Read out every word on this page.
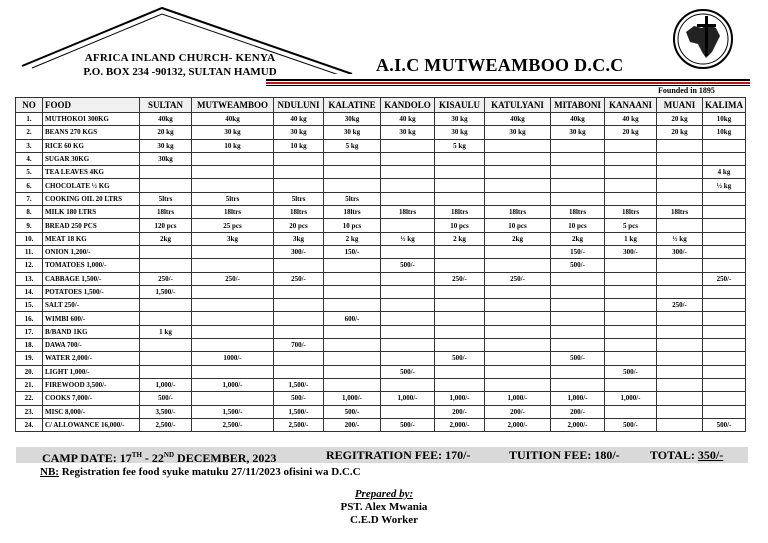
AFRICA INLAND CHURCH- KENYA
P.O. BOX 234 -90132, SULTAN HAMUD	A.I.C MUTWEAMBOO D.C.C
Founded in 1895
NO	FOOD	SULTAN	MUTWEAMBOO	NDULUNI	KALATINE	KANDOLO	KISAULU	KATULYANI	MITABONI	KANAANI	MUANI	KALIMA
1.	MUTHOKOI 300KG	40kg	40kg	40 kg	30kg	40 kg	30 kg	40kg	40kg	40 kg	20 kg	10kg
2.	BEANS 270 KGS	20 kg	30 kg	30 kg	30 kg	30 kg	30 kg	30 kg	30 kg	20 kg	20 kg	10kg
3.	RICE 60 KG	30 kg	10 kg	10 kg	5 kg		5 kg					
4.	SUGAR 30KG	30kg										
5.	TEA LEAVES 4KG											4 kg
6.	CHOCOLATE ½ KG											½ kg
7.	COOKING OIL 20 LTRS	5ltrs	5ltrs	5ltrs	5ltrs							
8.	MILK 180 LTRS	18ltrs	18ltrs	18ltrs	18ltrs	18ltrs	18ltrs	18ltrs	18ltrs	18ltrs	18ltrs	
9.	BREAD 250 PCS	120 pcs	25 pcs	20 pcs	10 pcs		10 pcs	10 pcs	10 pcs	5 pcs		
10.	MEAT 18 KG	2kg	3kg	3kg	2 kg	½ kg	2 kg	2kg	2kg	1 kg	½ kg	
11.	ONION 1,200/-			300/-	150/-				150/-	300/-	300/-	
12.	TOMATOES 1,000/-					500/-			500/-			
13.	CABBAGE 1,500/-	250/-	250/-	250/-			250/-	250/-				250/-
14.	POTATOES 1,500/-	1,500/-										
15.	SALT 250/-										250/-	
16.	WIMBI 600/-				600/-							
17.	B/BAND 1KG	1 kg										
18.	DAWA 700/-			700/-								
19.	WATER 2,000/-		1000/-				500/-		500/-			
20.	LIGHT 1,000/-					500/-				500/-		
21.	FIREWOOD 3,500/-	1,000/-	1,000/-	1,500/-								
22.	COOKS 7,000/-	500/-		500/-	1,000/-	1,000/-	1,000/-	1,000/-	1,000/-	1,000/-		
23.	MISC 8,000/-	3,500/-	1,500/-	1,500/-	500/-		200/-	200/-	200/-			
24.	C/ ALLOWANCE 16,000/-	2,500/-	2,500/-	2,500/-	200/-	500/-	2,000/-	2,000/-	2,000/-	500/-		500/-
CAMP DATE: 17TH - 22ND DECEMBER, 2023	REGITRATION FEE: 170/-	TUITION FEE: 180/-	TOTAL: 350/-
NB: Registration fee food syuke matuku 27/11/2023 ofisini wa D.C.C
Prepared by:
PST. Alex Mwania
C.E.D Worker
